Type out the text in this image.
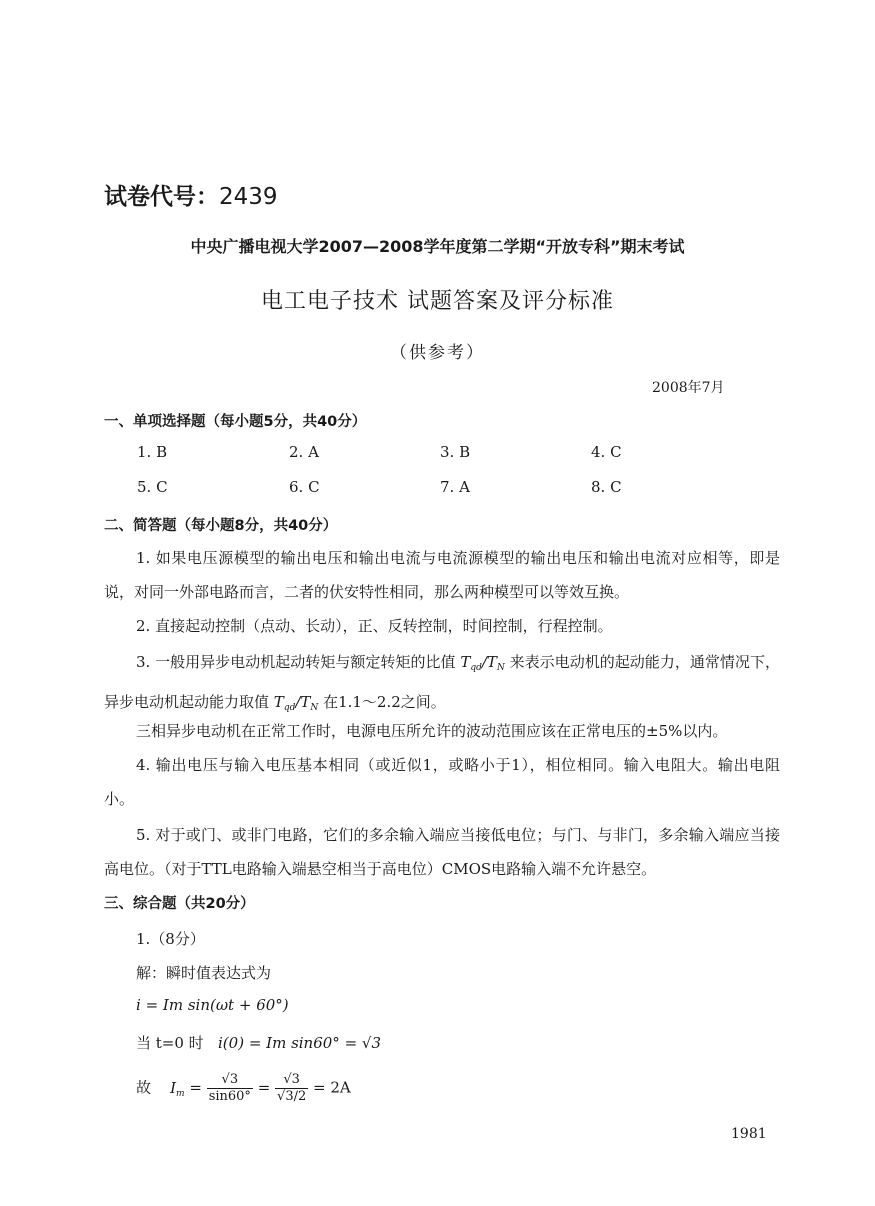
试卷代号：2439
中央广播电视大学2007—2008学年度第二学期“开放专科”期末考试
电工电子技术 试题答案及评分标准
（供参考）
2008年7月
一、单项选择题（每小题5分，共40分）
1. B	2. A	3. B	4. C
5. C	6. C	7. A	8. C
二、简答题（每小题8分，共40分）
1. 如果电压源模型的输出电压和输出电流与电流源模型的输出电压和输出电流对应相等，即是说，对同一外部电路而言，二者的伏安特性相同，那么两种模型可以等效互换。
2. 直接起动控制（点动、长动），正、反转控制，时间控制，行程控制。
3. 一般用异步电动机起动转矩与额定转矩的比值 $T_{qd}/T_N$ 来表示电动机的起动能力，通常情况下，异步电动机起动能力取值 $T_{qd}/T_N$ 在1.1～2.2之间。
三相异步电动机在正常工作时，电源电压所允许的波动范围应该在正常电压的±5%以内。
4. 输出电压与输入电压基本相同（或近似1，或略小于1），相位相同。输入电阻大。输出电阻小。
5. 对于或门、或非门电路，它们的多余输入端应当接低电位；与门、与非门，多余输入端应当接高电位。（对于TTL电路输入端悬空相当于高电位）CMOS电路输入端不允许悬空。
三、综合题（共20分）
1.（8分）
解：瞬时值表达式为
i = Im sin(ωt + 60°)
当 t=0 时 i(0) = Im sin60° = √3
故 $I_m = \frac{√3}{\sin 60^\circ} = \frac{√3}{√3/2} = 2A$
1981
